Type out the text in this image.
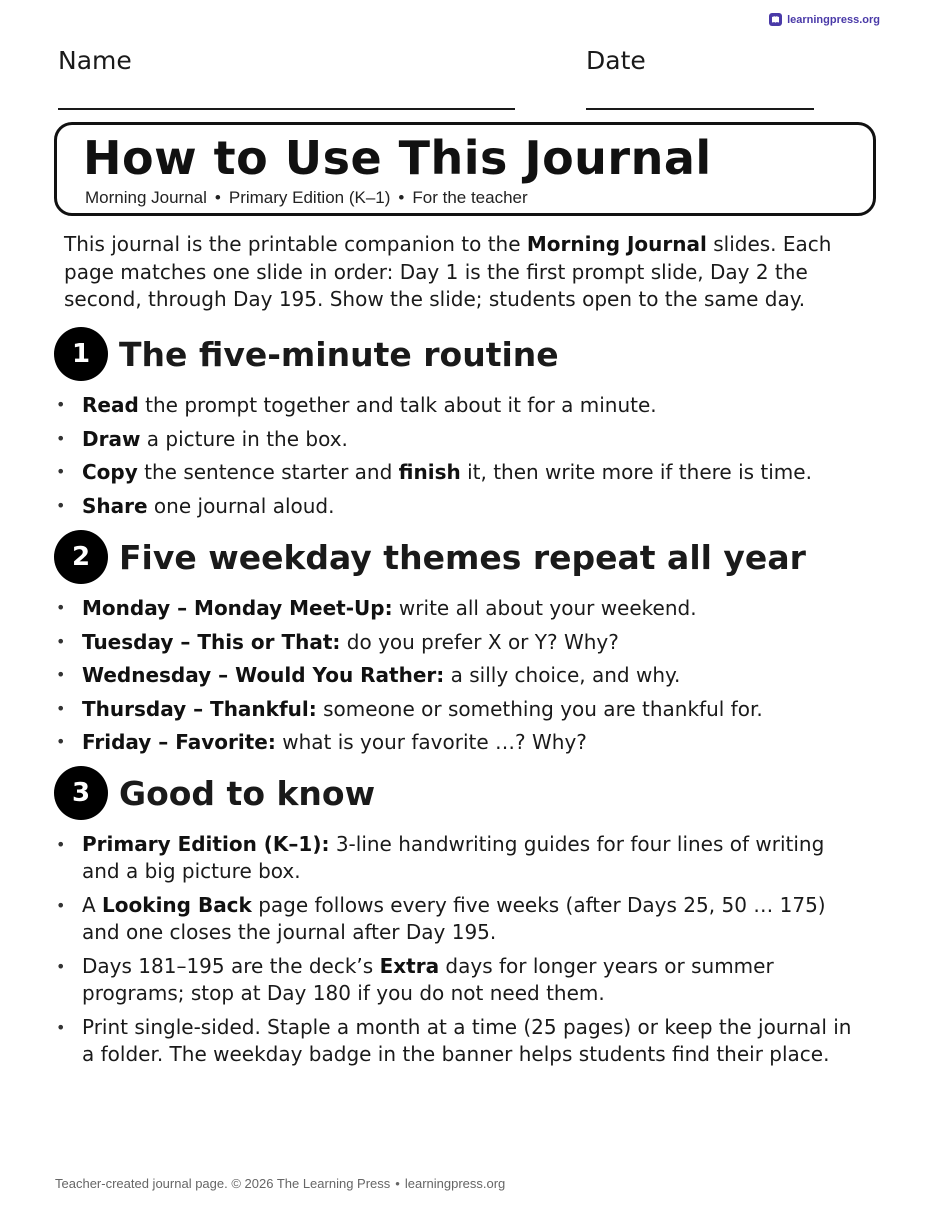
learningpress.org
Name	Date
How to Use This Journal
Morning Journal • Primary Edition (K–1) • For the teacher

This journal is the printable companion to the Morning Journal slides. Each page matches one slide in order: Day 1 is the first prompt slide, Day 2 the second, through Day 195. Show the slide; students open to the same day.

1 The five-minute routine
• Read the prompt together and talk about it for a minute.
• Draw a picture in the box.
• Copy the sentence starter and finish it, then write more if there is time.
• Share one journal aloud.
2 Five weekday themes repeat all year
• Monday – Monday Meet-Up: write all about your weekend.
• Tuesday – This or That: do you prefer X or Y? Why?
• Wednesday – Would You Rather: a silly choice, and why.
• Thursday – Thankful: someone or something you are thankful for.
• Friday – Favorite: what is your favorite …? Why?
3 Good to know
• Primary Edition (K–1): 3-line handwriting guides for four lines of writing and a big picture box.
• A Looking Back page follows every five weeks (after Days 25, 50 … 175) and one closes the journal after Day 195.
• Days 181–195 are the deck’s Extra days for longer years or summer programs; stop at Day 180 if you do not need them.
• Print single-sided. Staple a month at a time (25 pages) or keep the journal in a folder. The weekday badge in the banner helps students find their place.
Teacher-created journal page. © 2026 The Learning Press • learningpress.org
